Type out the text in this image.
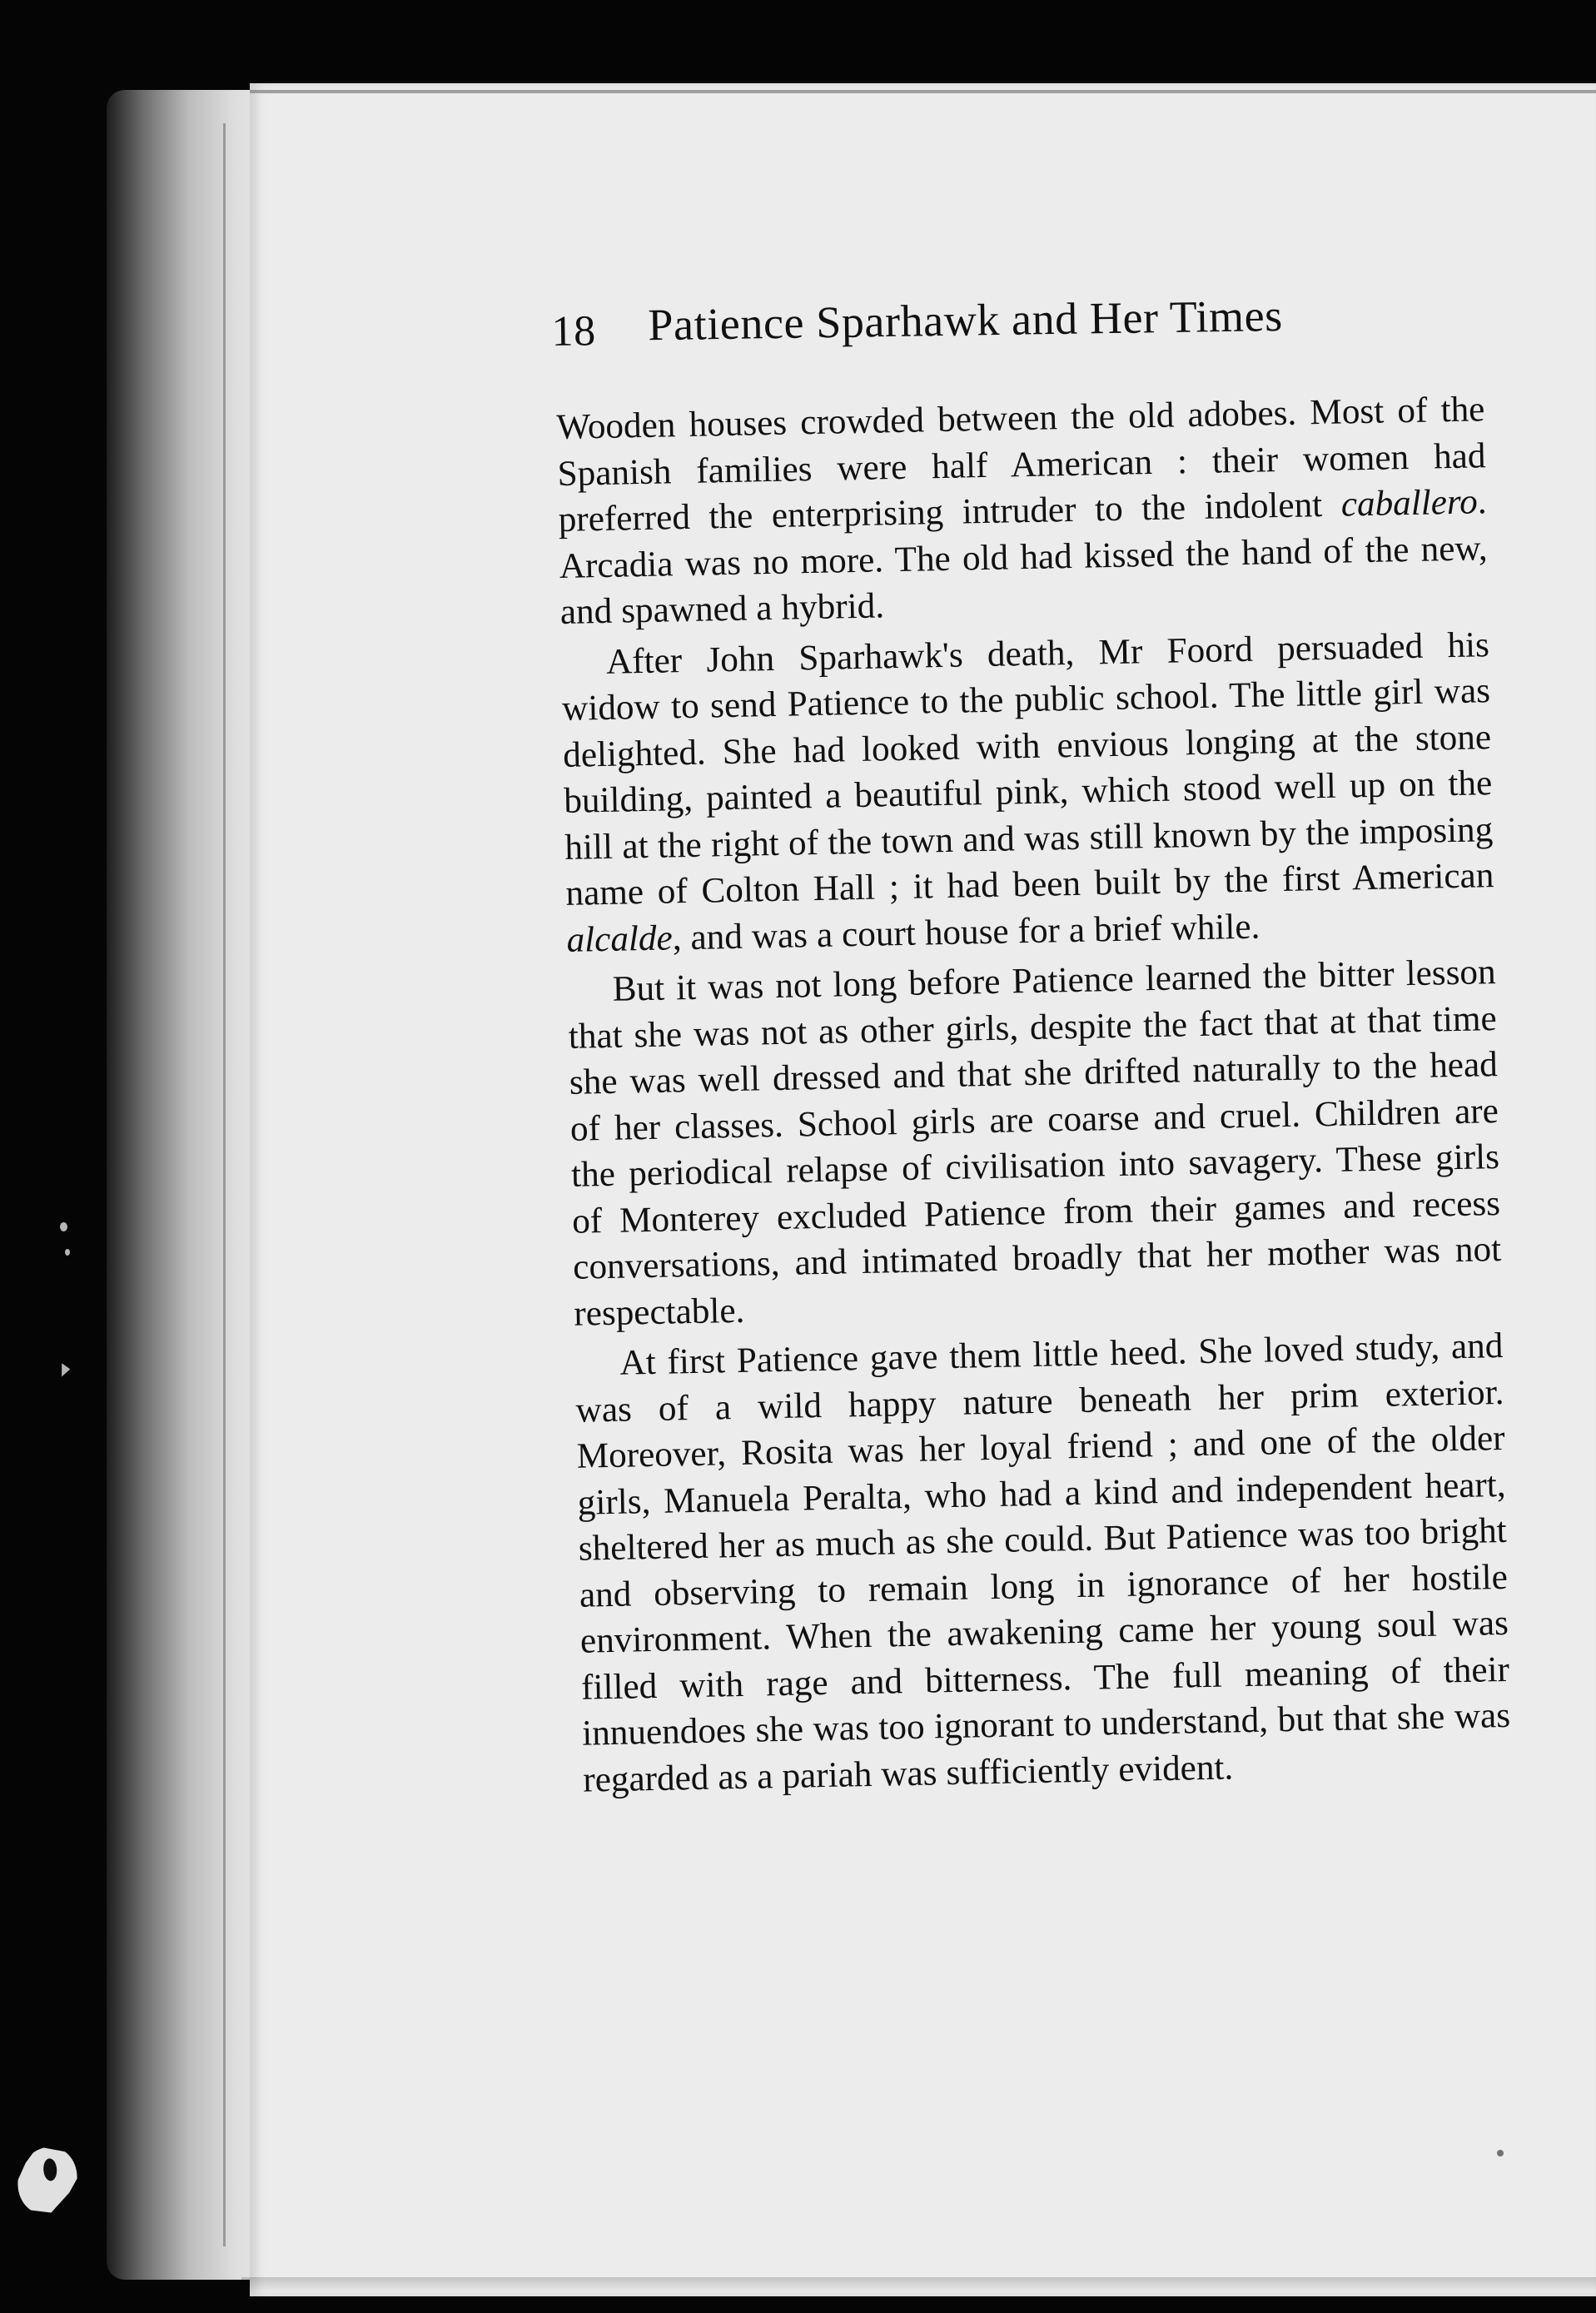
18 Patience Sparhawk and Her Times

Wooden houses crowded between the old adobes. Most of the Spanish families were half American : their women had preferred the enterprising intruder to the indolent caballero. Arcadia was no more. The old had kissed the hand of the new, and spawned a hybrid.

After John Sparhawk's death, Mr Foord persuaded his widow to send Patience to the public school. The little girl was delighted. She had looked with envious longing at the stone building, painted a beautiful pink, which stood well up on the hill at the right of the town and was still known by the imposing name of Colton Hall ; it had been built by the first American alcalde, and was a court house for a brief while.

But it was not long before Patience learned the bitter lesson that she was not as other girls, despite the fact that at that time she was well dressed and that she drifted naturally to the head of her classes. School girls are coarse and cruel. Children are the periodical relapse of civilisation into savagery. These girls of Monterey excluded Patience from their games and recess conversations, and intimated broadly that her mother was not respectable.

At first Patience gave them little heed. She loved study, and was of a wild happy nature beneath her prim exterior. Moreover, Rosita was her loyal friend ; and one of the older girls, Manuela Peralta, who had a kind and independent heart, sheltered her as much as she could. But Patience was too bright and observing to remain long in ignorance of her hostile environment. When the awakening came her young soul was filled with rage and bitterness. The full meaning of their innuendoes she was too ignorant to understand, but that she was regarded as a pariah was sufficiently evident.
